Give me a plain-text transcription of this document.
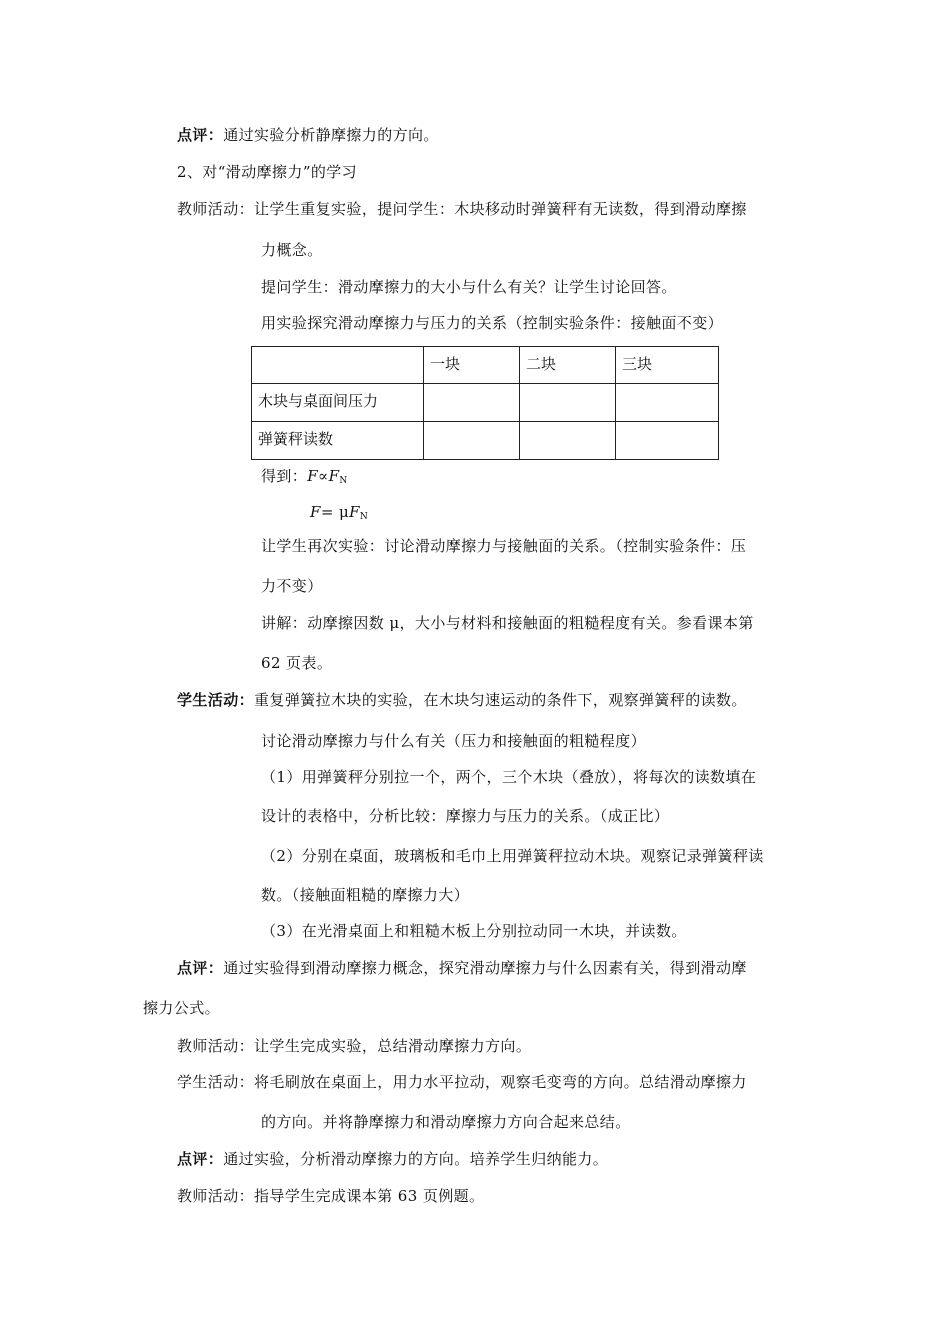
点评：通过实验分析静摩擦力的方向。
2、对“滑动摩擦力”的学习
教师活动：让学生重复实验，提问学生：木块移动时弹簧秤有无读数，得到滑动摩擦
力概念。
提问学生：滑动摩擦力的大小与什么有关？让学生讨论回答。
用实验探究滑动摩擦力与压力的关系（控制实验条件：接触面不变）
	一块	二块	三块
木块与桌面间压力			
弹簧秤读数			
得到：$F\propto F_N$
$F= \mu F_N$
让学生再次实验：讨论滑动摩擦力与接触面的关系。（控制实验条件：压
力不变）
讲解：动摩擦因数 μ，大小与材料和接触面的粗糙程度有关。参看课本第
62 页表。
学生活动：重复弹簧拉木块的实验，在木块匀速运动的条件下，观察弹簧秤的读数。
讨论滑动摩擦力与什么有关（压力和接触面的粗糙程度）
（1）用弹簧秤分别拉一个，两个，三个木块（叠放），将每次的读数填在
设计的表格中，分析比较：摩擦力与压力的关系。（成正比）
（2）分别在桌面，玻璃板和毛巾上用弹簧秤拉动木块。观察记录弹簧秤读
数。（接触面粗糙的摩擦力大）
（3）在光滑桌面上和粗糙木板上分别拉动同一木块，并读数。
点评：通过实验得到滑动摩擦力概念，探究滑动摩擦力与什么因素有关，得到滑动摩
擦力公式。
教师活动：让学生完成实验，总结滑动摩擦力方向。
学生活动：将毛刷放在桌面上，用力水平拉动，观察毛变弯的方向。总结滑动摩擦力
的方向。并将静摩擦力和滑动摩擦力方向合起来总结。
点评：通过实验，分析滑动摩擦力的方向。培养学生归纳能力。
教师活动：指导学生完成课本第 63 页例题。
